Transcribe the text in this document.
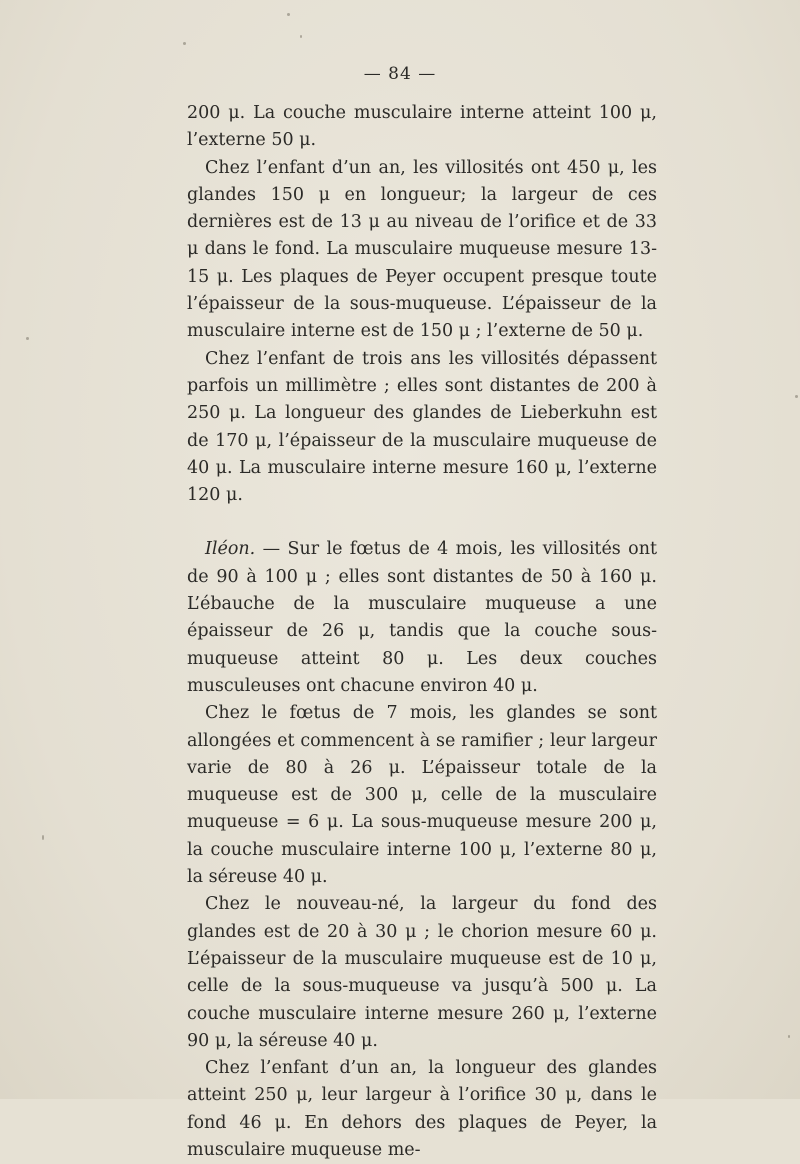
— 84 —

200 μ. La couche musculaire interne atteint 100 μ, l’externe 50 μ.

Chez l’enfant d’un an, les villosités ont 450 μ, les glandes 150 μ en longueur; la largeur de ces dernières est de 13 μ au niveau de l’orifice et de 33 μ dans le fond. La musculaire muqueuse mesure 13-15 μ. Les plaques de Peyer occupent presque toute l’épaisseur de la sous-muqueuse. L’épaisseur de la musculaire interne est de 150 μ ; l’externe de 50 μ.

Chez l’enfant de trois ans les villosités dépassent parfois un millimètre ; elles sont distantes de 200 à 250 μ. La longueur des glandes de Lieberkuhn est de 170 μ, l’épaisseur de la musculaire muqueuse de 40 μ. La musculaire interne mesure 160 μ, l’externe 120 μ.

Iléon. — Sur le fœtus de 4 mois, les villosités ont de 90 à 100 μ ; elles sont distantes de 50 à 160 μ. L’ébauche de la musculaire muqueuse a une épaisseur de 26 μ, tandis que la couche sous-muqueuse atteint 80 μ. Les deux couches musculeuses ont chacune environ 40 μ.

Chez le fœtus de 7 mois, les glandes se sont allongées et commencent à se ramifier ; leur largeur varie de 80 à 26 μ. L’épaisseur totale de la muqueuse est de 300 μ, celle de la musculaire muqueuse = 6 μ. La sous-muqueuse mesure 200 μ, la couche musculaire interne 100 μ, l’externe 80 μ, la séreuse 40 μ.

Chez le nouveau-né, la largeur du fond des glandes est de 20 à 30 μ ; le chorion mesure 60 μ. L’épaisseur de la musculaire muqueuse est de 10 μ, celle de la sous-muqueuse va jusqu’à 500 μ. La couche musculaire interne mesure 260 μ, l’externe 90 μ, la séreuse 40 μ.

Chez l’enfant d’un an, la longueur des glandes atteint 250 μ, leur largeur à l’orifice 30 μ, dans le fond 46 μ. En dehors des plaques de Peyer, la musculaire muqueuse me-
